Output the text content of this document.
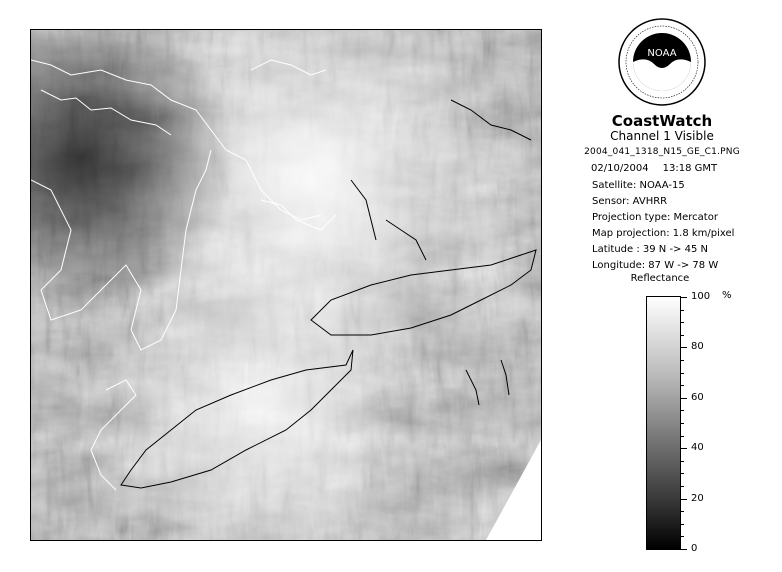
NOAA
CoastWatch
Channel 1 Visible
2004_041_1318_N15_GE_C1.PNG
02/10/2004 13:18 GMT
Satellite: NOAA-15
Sensor: AVHRR
Projection type: Mercator
Map projection: 1.8 km/pixel
Latitude : 39 N -> 45 N
Longitude: 87 W -> 78 W
Reflectance
%
100
80
60
40
20
0
